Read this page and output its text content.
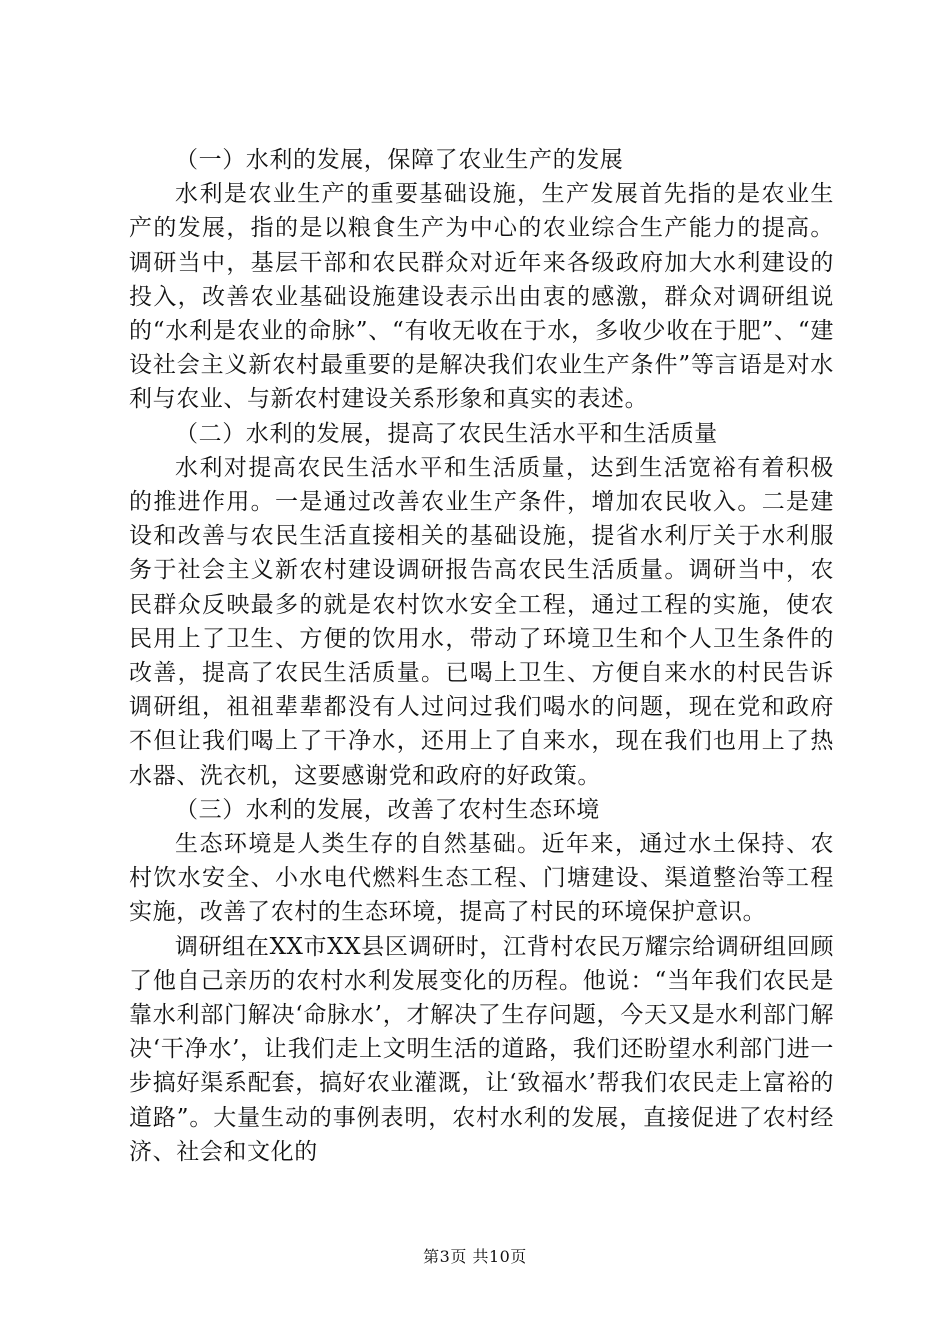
（一）水利的发展，保障了农业生产的发展

水利是农业生产的重要基础设施，生产发展首先指的是农业生产的发展，指的是以粮食生产为中心的农业综合生产能力的提高。调研当中，基层干部和农民群众对近年来各级政府加大水利建设的投入，改善农业基础设施建设表示出由衷的感激，群众对调研组说的“水利是农业的命脉”、“有收无收在于水，多收少收在于肥”、“建设社会主义新农村最重要的是解决我们农业生产条件”等言语是对水利与农业、与新农村建设关系形象和真实的表述。

（二）水利的发展，提高了农民生活水平和生活质量

水利对提高农民生活水平和生活质量，达到生活宽裕有着积极的推进作用。一是通过改善农业生产条件，增加农民收入。二是建设和改善与农民生活直接相关的基础设施，提省水利厅关于水利服务于社会主义新农村建设调研报告高农民生活质量。调研当中，农民群众反映最多的就是农村饮水安全工程，通过工程的实施，使农民用上了卫生、方便的饮用水，带动了环境卫生和个人卫生条件的改善，提高了农民生活质量。已喝上卫生、方便自来水的村民告诉调研组，祖祖辈辈都没有人过问过我们喝水的问题，现在党和政府不但让我们喝上了干净水，还用上了自来水，现在我们也用上了热水器、洗衣机，这要感谢党和政府的好政策。

（三）水利的发展，改善了农村生态环境

生态环境是人类生存的自然基础。近年来，通过水土保持、农村饮水安全、小水电代燃料生态工程、门塘建设、渠道整治等工程实施，改善了农村的生态环境，提高了村民的环境保护意识。

调研组在XX市XX县区调研时，江背村农民万耀宗给调研组回顾了他自己亲历的农村水利发展变化的历程。他说：“当年我们农民是靠水利部门解决‘命脉水’，才解决了生存问题，今天又是水利部门解决‘干净水’，让我们走上文明生活的道路，我们还盼望水利部门进一步搞好渠系配套，搞好农业灌溉，让‘致福水’帮我们农民走上富裕的道路”。大量生动的事例表明，农村水利的发展，直接促进了农村经济、社会和文化的

第3页 共10页
